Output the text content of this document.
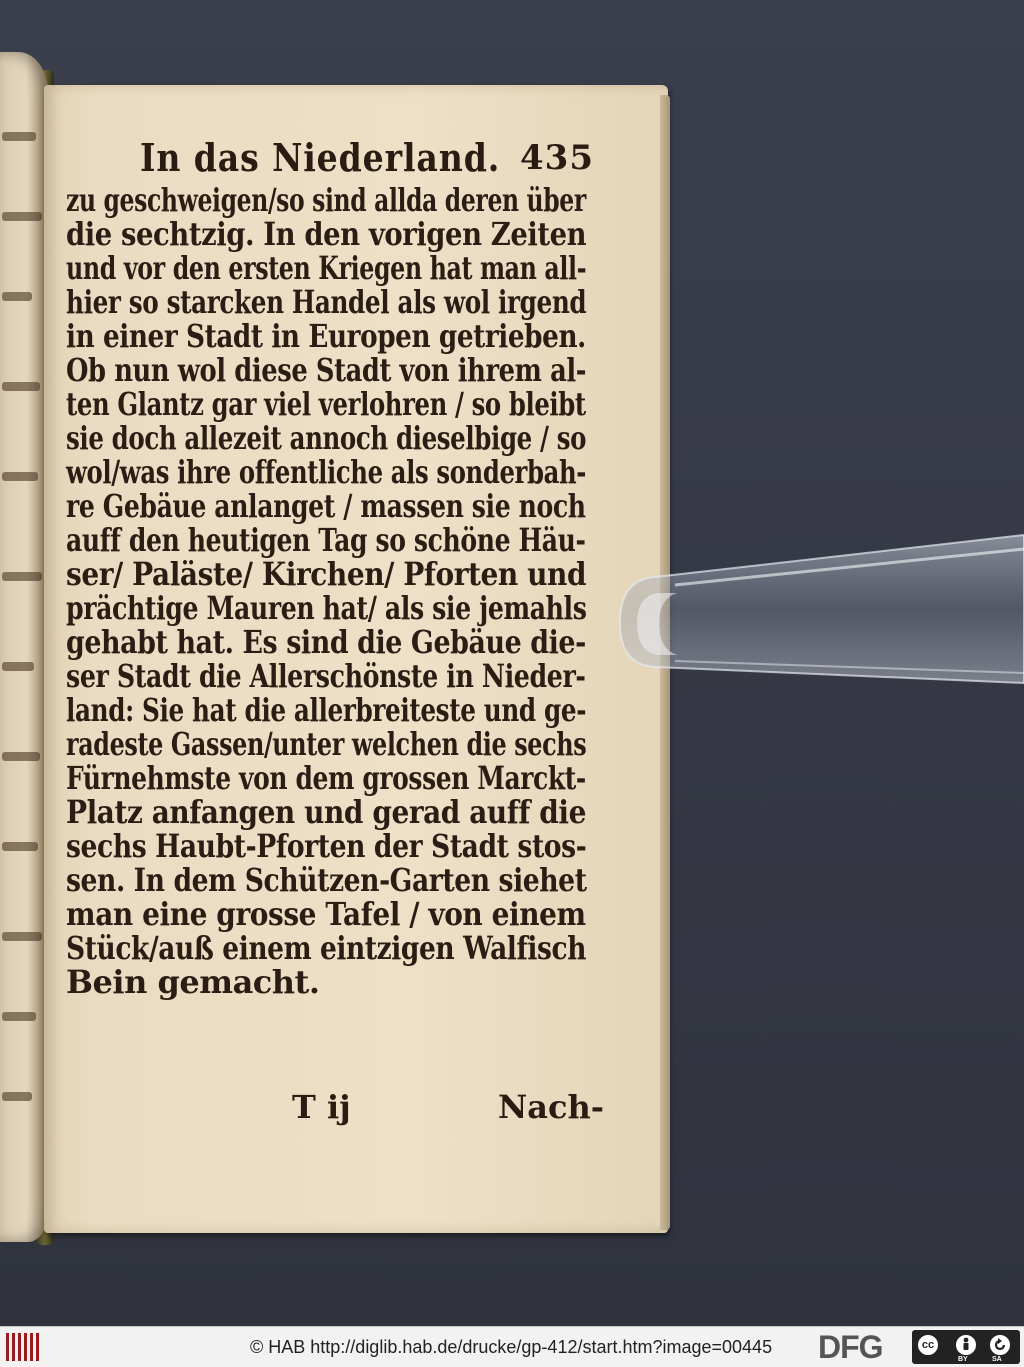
In das Niederland. 435
zu geschweigen/so sind allda deren über
die sechtzig. In den vorigen Zeiten
und vor den ersten Kriegen hat man all-
hier so starcken Handel als wol irgend
in einer Stadt in Europen getrieben.
Ob nun wol diese Stadt von ihrem al-
ten Glantz gar viel verlohren / so bleibt
sie doch allezeit annoch dieselbige / so
wol/was ihre offentliche als sonderbah-
re Gebäue anlanget / massen sie noch
auff den heutigen Tag so schöne Häu-
ser/ Paläste/ Kirchen/ Pforten und
prächtige Mauren hat/ als sie jemahls
gehabt hat. Es sind die Gebäue die-
ser Stadt die Allerschönste in Nieder-
land: Sie hat die allerbreiteste und ge-
radeste Gassen/unter welchen die sechs
Fürnehmste von dem grossen Marckt-
Platz anfangen und gerad auff die
sechs Haubt-Pforten der Stadt stos-
sen. In dem Schützen-Garten siehet
man eine grosse Tafel / von einem
Stück/auß einem eintzigen Walfisch
Bein gemacht.
T ij	Nach-
© HAB http://diglib.hab.de/drucke/gp-412/start.htm?image=00445 DFG	cc
BY	SA
